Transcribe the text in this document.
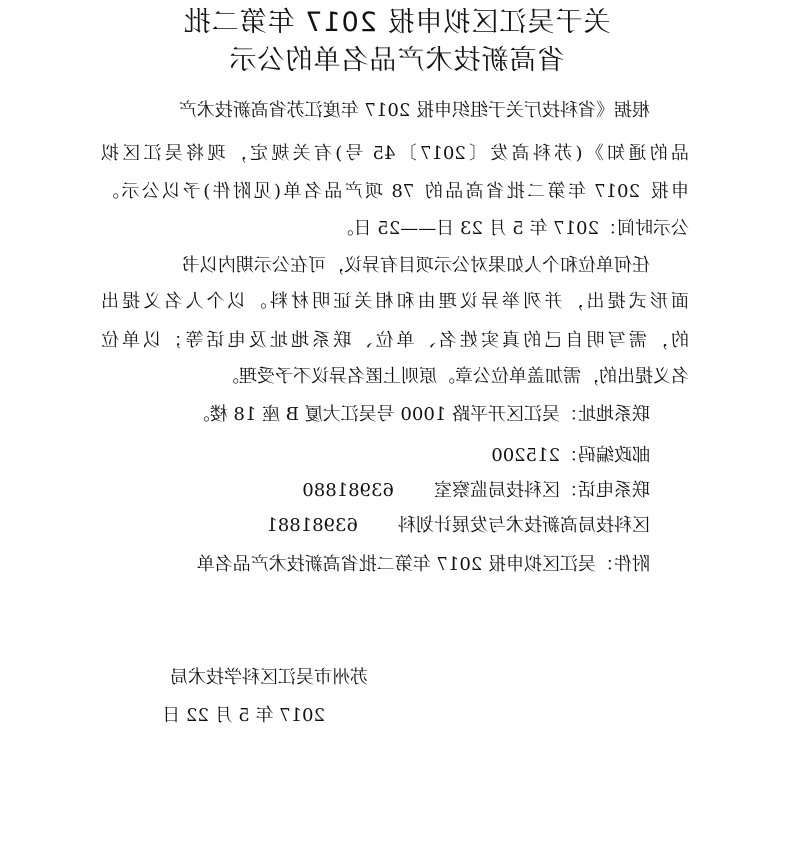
关于吴江区拟申报 2017 年第二批
省高新技术产品名单的公示
根据《省科技厅关于组织申报 2017 年度江苏省高新技术产
品的通知》(苏科高发〔2017〕45 号)有关规定，现将吴江区拟
申报 2017 年第二批省高品的 78 项产品名单(见附件)予以公示。
公示时间：2017 年 5 月 23 日——25 日。
任何单位和个人如果对公示项目有异议，可在公示期内以书
面形式提出，并列举异议理由和相关证明材料。以个人名义提出
的，需写明自己的真实姓名、单位、联系地址及电话等；以单位
名义提出的，需加盖单位公章。原则上匿名异议不予受理。
联系地址：吴江区开平路 1000 号吴江大厦 B 座 18 楼。
邮政编码：215200
联系电话：区科技局监察室       63981880
区科技局高新技术与发展计划科       63981881
附件：吴江区拟申报 2017 年第二批省高新技术产品名单
苏州市吴江区科学技术局
2017 年 5 月 22 日
